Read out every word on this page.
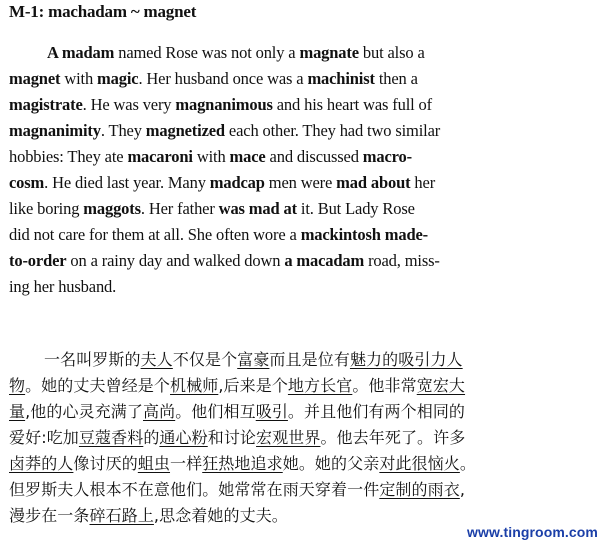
M-1: machadam ~ magnet
A madam named Rose was not only a magnate but also a
magnet with magic. Her husband once was a machinist then a
magistrate. He was very magnanimous and his heart was full of
magnanimity. They magnetized each other. They had two similar
hobbies: They ate macaroni with mace and discussed macro-
cosm. He died last year. Many madcap men were mad about her
like boring maggots. Her father was mad at it. But Lady Rose
did not care for them at all. She often wore a mackintosh made-
to-order on a rainy day and walked down a macadam road, miss-
ing her husband.
一名叫罗斯的夫人不仅是个富豪而且是位有魅力的吸引力人
物。她的丈夫曾经是个机械师,后来是个地方长官。他非常宽宏大
量,他的心灵充满了高尚。他们相互吸引。并且他们有两个相同的
爱好:吃加豆蔻香料的通心粉和讨论宏观世界。他去年死了。许多
卤莽的人像讨厌的蛆虫一样狂热地追求她。她的父亲对此很恼火。
但罗斯夫人根本不在意他们。她常常在雨天穿着一件定制的雨衣,
漫步在一条碎石路上,思念着她的丈夫。
www.tingroom.com
